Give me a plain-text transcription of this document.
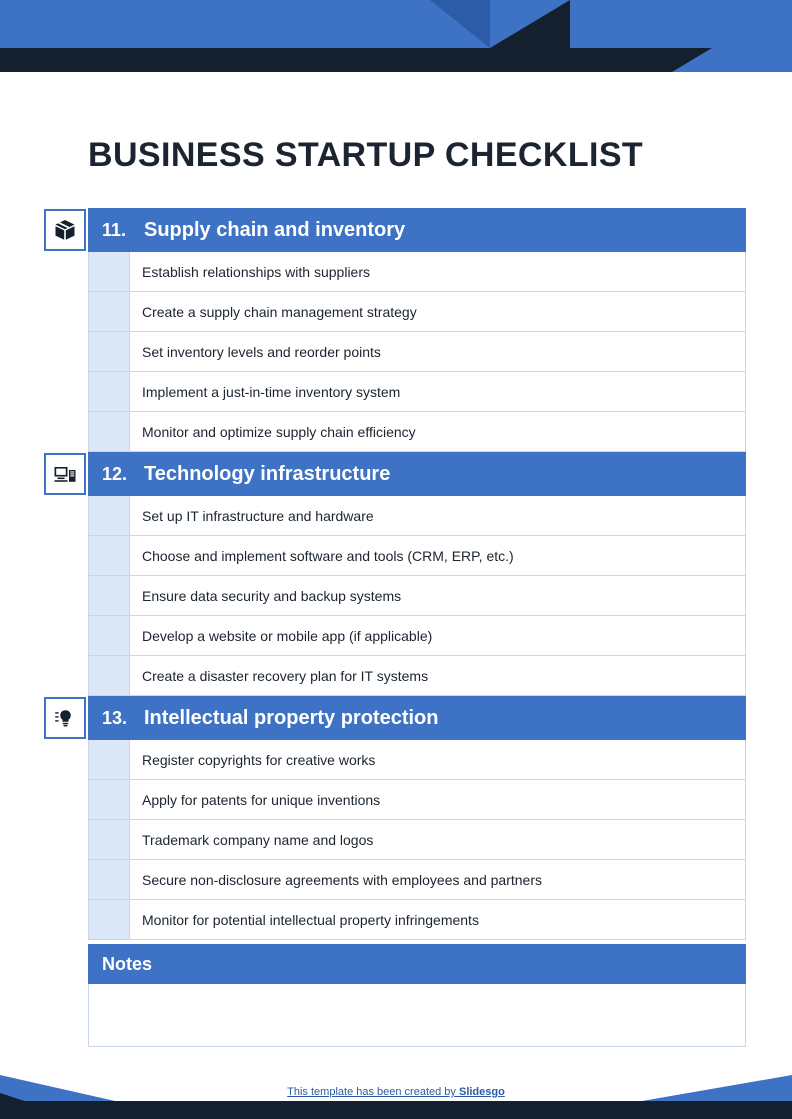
BUSINESS STARTUP CHECKLIST
11. Supply chain and inventory
Establish relationships with suppliers
Create a supply chain management strategy
Set inventory levels and reorder points
Implement a just-in-time inventory system
Monitor and optimize supply chain efficiency
12. Technology infrastructure
Set up IT infrastructure and hardware
Choose and implement software and tools (CRM, ERP, etc.)
Ensure data security and backup systems
Develop a website or mobile app (if applicable)
Create a disaster recovery plan for IT systems
13. Intellectual property protection
Register copyrights for creative works
Apply for patents for unique inventions
Trademark company name and logos
Secure non-disclosure agreements with employees and partners
Monitor for potential intellectual property infringements
Notes
This template has been created by Slidesgo
